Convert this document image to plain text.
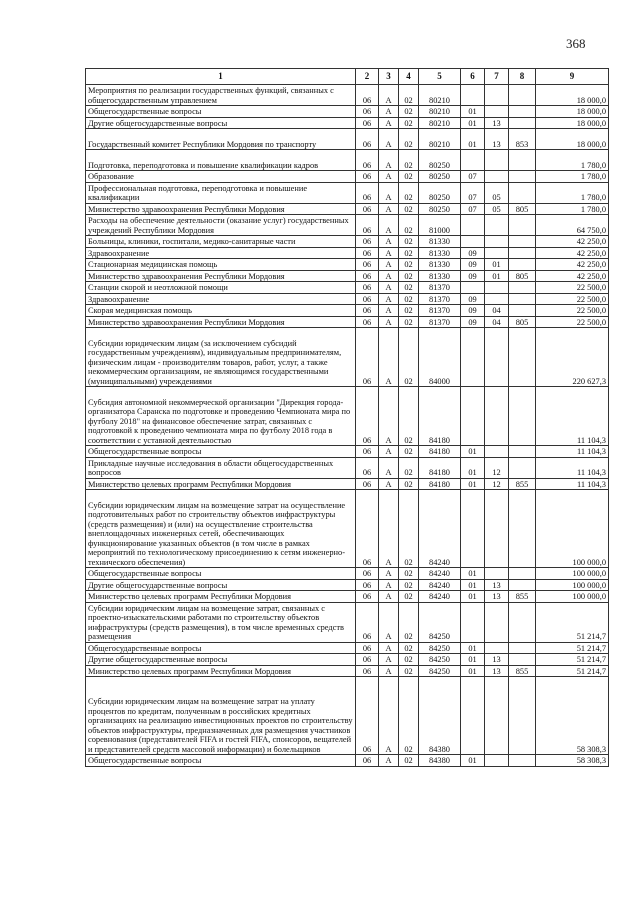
368
1	2	3	4	5	6	7	8	9
Мероприятия по реализации государственных функций, связанных с общегосударственным управлением	06	А	02	80210				18 000,0
Общегосударственные вопросы	06	А	02	80210	01			18 000,0
Другие общегосударственные вопросы	06	А	02	80210	01	13		18 000,0
Государственный комитет Республики Мордовия по транспорту	06	А	02	80210	01	13	853	18 000,0
Подготовка, переподготовка и повышение квалификации кадров	06	А	02	80250				1 780,0
Образование	06	А	02	80250	07			1 780,0
Профессиональная подготовка, переподготовка и повышение квалификации	06	А	02	80250	07	05		1 780,0
Министерство здравоохранения Республики Мордовия	06	А	02	80250	07	05	805	1 780,0
Расходы на обеспечение деятельности (оказание услуг) государственных учреждений Республики Мордовия	06	А	02	81000				64 750,0
Больницы, клиники, госпитали, медико-санитарные части	06	А	02	81330				42 250,0
Здравоохранение	06	А	02	81330	09			42 250,0
Стационарная медицинская помощь	06	А	02	81330	09	01		42 250,0
Министерство здравоохранения Республики Мордовия	06	А	02	81330	09	01	805	42 250,0
Станции скорой и неотложной помощи	06	А	02	81370				22 500,0
Здравоохранение	06	А	02	81370	09			22 500,0
Скорая медицинская помощь	06	А	02	81370	09	04		22 500,0
Министерство здравоохранения Республики Мордовия	06	А	02	81370	09	04	805	22 500,0
Субсидии юридическим лицам (за исключением субсидий государственным учреждениям), индивидуальным предпринимателям, физическим лицам - производителям товаров, работ, услуг, а также некоммерческим организациям, не являющимся государственными (муниципальными) учреждениями	06	А	02	84000				220 627,3
Субсидия автономной некоммерческой организации "Дирекция города-организатора Саранска по подготовке и проведению Чемпионата мира по футболу 2018" на финансовое обеспечение затрат, связанных с подготовкой к проведению чемпионата мира по футболу 2018 года в соответствии с уставной деятельностью	06	А	02	84180				11 104,3
Общегосударственные вопросы	06	А	02	84180	01			11 104,3
Прикладные научные исследования в области общегосударственных вопросов	06	А	02	84180	01	12		11 104,3
Министерство целевых программ Республики Мордовия	06	А	02	84180	01	12	855	11 104,3
Субсидии юридическим лицам на возмещение затрат на осуществление подготовительных работ по строительству объектов инфраструктуры (средств размещения) и (или) на осуществление строительства внеплощадочных инженерных сетей, обеспечивающих функционирование указанных объектов (в том числе в рамках мероприятий по технологическому присоединению к сетям инженерно-технического обеспечения)	06	А	02	84240				100 000,0
Общегосударственные вопросы	06	А	02	84240	01			100 000,0
Другие общегосударственные вопросы	06	А	02	84240	01	13		100 000,0
Министерство целевых программ Республики Мордовия	06	А	02	84240	01	13	855	100 000,0
Субсидии юридическим лицам на возмещение затрат, связанных с проектно-изыскательскими работами по строительству объектов инфраструктуры (средств размещения), в том числе временных средств размещения	06	А	02	84250				51 214,7
Общегосударственные вопросы	06	А	02	84250	01			51 214,7
Другие общегосударственные вопросы	06	А	02	84250	01	13		51 214,7
Министерство целевых программ Республики Мордовия	06	А	02	84250	01	13	855	51 214,7
Субсидии юридическим лицам на возмещение затрат на уплату процентов по кредитам, полученным в российских кредитных организациях на реализацию инвестиционных проектов по строительству объектов инфраструктуры, предназначенных для размещения участников соревнования (представителей FIFA и гостей FIFA, спонсоров, вещателей и представителей средств массовой информации) и болельщиков	06	А	02	84380				58 308,3
Общегосударственные вопросы	06	А	02	84380	01			58 308,3
